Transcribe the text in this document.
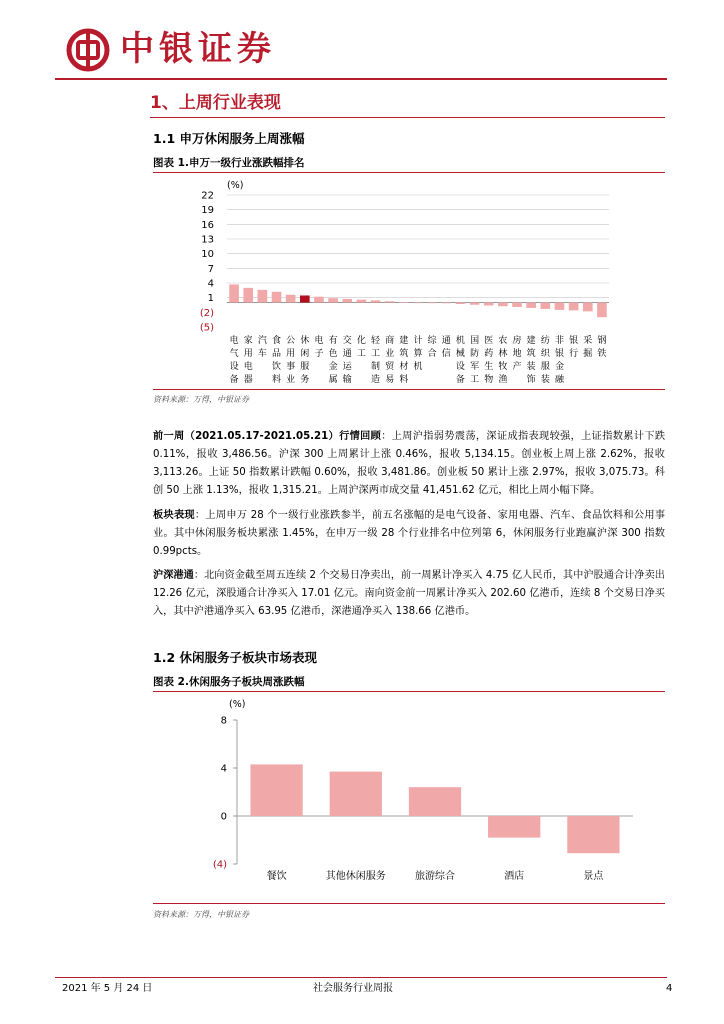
中银证券
1、上周行业表现
1.1 申万休闲服务上周涨幅
图表 1.申万一级行业涨跌幅排名
(%)
22
19
16
13
10
7
4
1
(2)
(5)
电
气
设
备
家
用
电
器
汽
车
食
品
饮
料
公
用
事
业
休
闲
服
务
电
子
有
色
金
属
交
通
运
输
化
工
轻
工
制
造
商
业
贸
易
建
筑
材
料
计
算
机
综
合
通
信
机
械
设
备
国
防
军
工
医
药
生
物
农
林
牧
渔
房
地
产
建
筑
装
饰
纺
织
服
装
非
银
金
融
银
行
采
掘
钢
铁
资料来源：万得，中银证券
前一周（2021.05.17-2021.05.21）行情回顾：上周沪指弱势震荡，深证成指表现较强，上证指数累计下跌 0.11%，报收 3,486.56。沪深 300 上周累计上涨 0.46%，报收 5,134.15。创业板上周上涨 2.62%，报收 3,113.26。上证 50 指数累计跌幅 0.60%，报收 3,481.86。创业板 50 累计上涨 2.97%，报收 3,075.73。科创 50 上涨 1.13%，报收 1,315.21。上周沪深两市成交量 41,451.62 亿元，相比上周小幅下降。
板块表现：上周申万 28 个一级行业涨跌参半，前五名涨幅的是电气设备、家用电器、汽车、食品饮料和公用事业。其中休闲服务板块累涨 1.45%，在申万一级 28 个行业排名中位列第 6，休闲服务行业跑赢沪深 300 指数 0.99pcts。
沪深港通：北向资金截至周五连续 2 个交易日净卖出，前一周累计净买入 4.75 亿人民币，其中沪股通合计净卖出 12.26 亿元，深股通合计净买入 17.01 亿元。南向资金前一周累计净买入 202.60 亿港币，连续 8 个交易日净买入，其中沪港通净买入 63.95 亿港币，深港通净买入 138.66 亿港币。
1.2 休闲服务子板块市场表现
图表 2.休闲服务子板块周涨跌幅
(%)
8
4
0
(4)
餐饮	其他休闲服务	旅游综合	酒店	景点
资料来源：万得，中银证券
2021 年 5 月 24 日	社会服务行业周报	4
